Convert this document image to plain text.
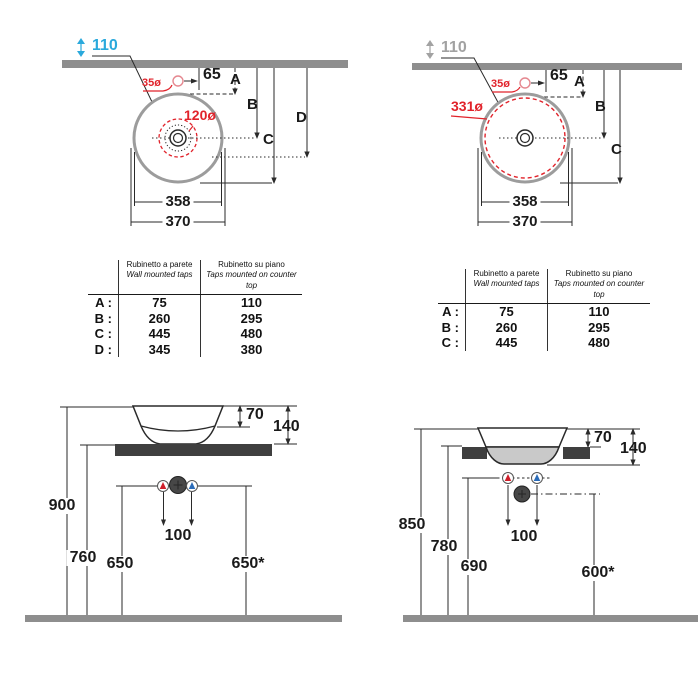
110
35ø	65 A
B
C
D
120ø
358
370
110
35ø	65 A
B
C
331ø
358
370
Rubinetto a parete
Wall mounted taps
Rubinetto su piano
Taps mounted on counter top
A :	75	110
B :	260	295
C :	445	480
D :	345	380
Rubinetto a parete
Wall mounted taps
Rubinetto su piano
Taps mounted on counter top
A :	75	110
B :	260	295
C :	445	480
70
140
900
760 650	650*
100
70
140
850
780
690	600*
100
